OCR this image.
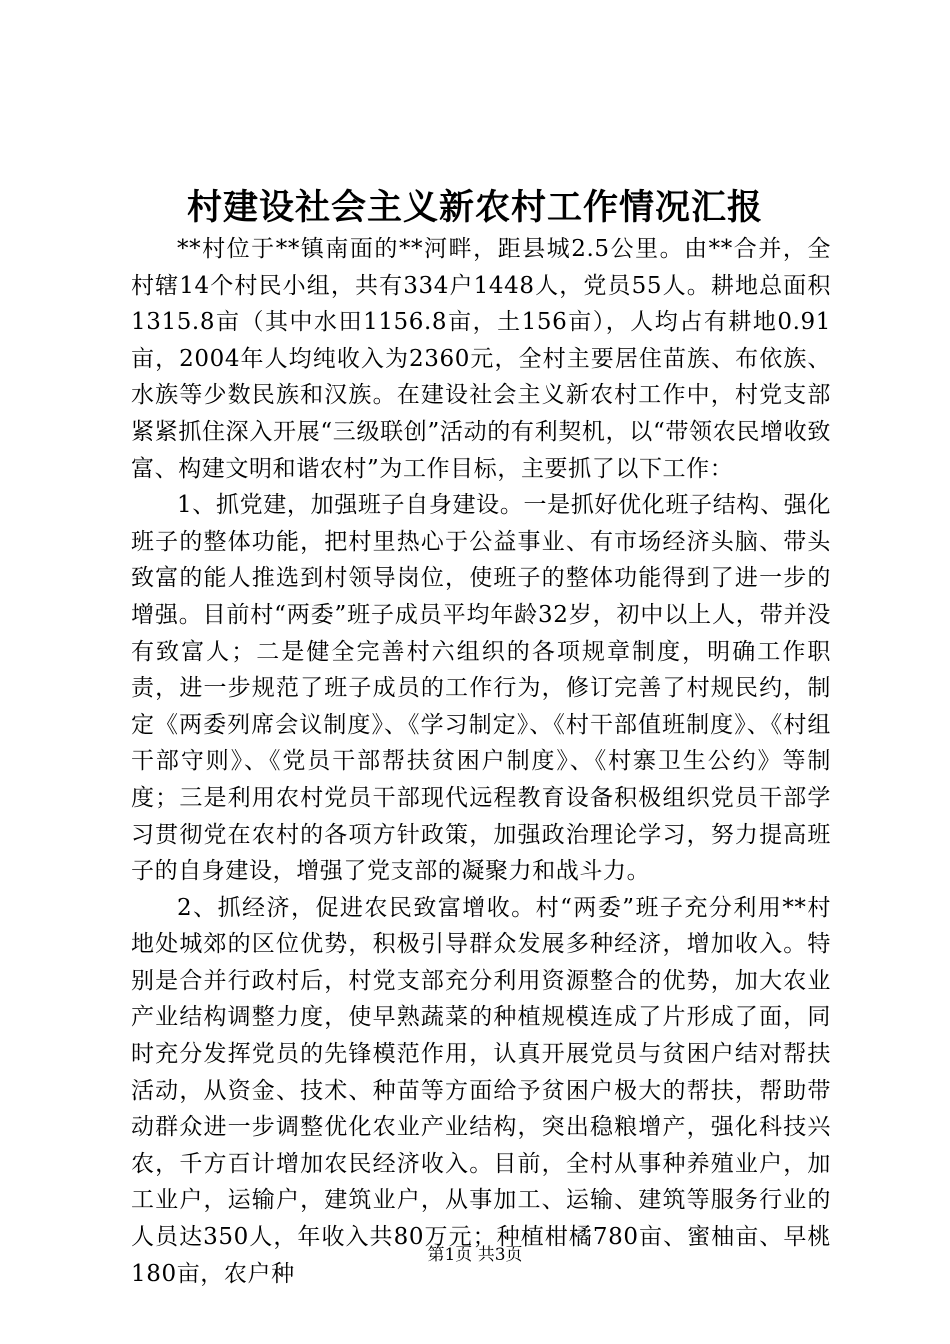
村建设社会主义新农村工作情况汇报

**村位于**镇南面的**河畔，距县城2.5公里。由**合并，全村辖14个村民小组，共有334户1448人，党员55人。耕地总面积1315.8亩（其中水田1156.8亩，土156亩），人均占有耕地0.91亩，2004年人均纯收入为2360元，全村主要居住苗族、布依族、水族等少数民族和汉族。在建设社会主义新农村工作中，村党支部紧紧抓住深入开展“三级联创”活动的有利契机，以“带领农民增收致富、构建文明和谐农村”为工作目标，主要抓了以下工作：

1、抓党建，加强班子自身建设。一是抓好优化班子结构、强化班子的整体功能，把村里热心于公益事业、有市场经济头脑、带头致富的能人推选到村领导岗位，使班子的整体功能得到了进一步的增强。目前村“两委”班子成员平均年龄32岁，初中以上人，带并没有致富人；二是健全完善村六组织的各项规章制度，明确工作职责，进一步规范了班子成员的工作行为，修订完善了村规民约，制定《两委列席会议制度》、《学习制定》、《村干部值班制度》、《村组干部守则》、《党员干部帮扶贫困户制度》、《村寨卫生公约》等制度；三是利用农村党员干部现代远程教育设备积极组织党员干部学习贯彻党在农村的各项方针政策，加强政治理论学习，努力提高班子的自身建设，增强了党支部的凝聚力和战斗力。

2、抓经济，促进农民致富增收。村“两委”班子充分利用**村地处城郊的区位优势，积极引导群众发展多种经济，增加收入。特别是合并行政村后，村党支部充分利用资源整合的优势，加大农业产业结构调整力度，使早熟蔬菜的种植规模连成了片形成了面，同时充分发挥党员的先锋模范作用，认真开展党员与贫困户结对帮扶活动，从资金、技术、种苗等方面给予贫困户极大的帮扶，帮助带动群众进一步调整优化农业产业结构，突出稳粮增产，强化科技兴农，千方百计增加农民经济收入。目前，全村从事种养殖业户，加工业户，运输户，建筑业户，从事加工、运输、建筑等服务行业的人员达350人，年收入共80万元；种植柑橘780亩、蜜柚亩、早桃180亩，农户种

第1页 共3页
